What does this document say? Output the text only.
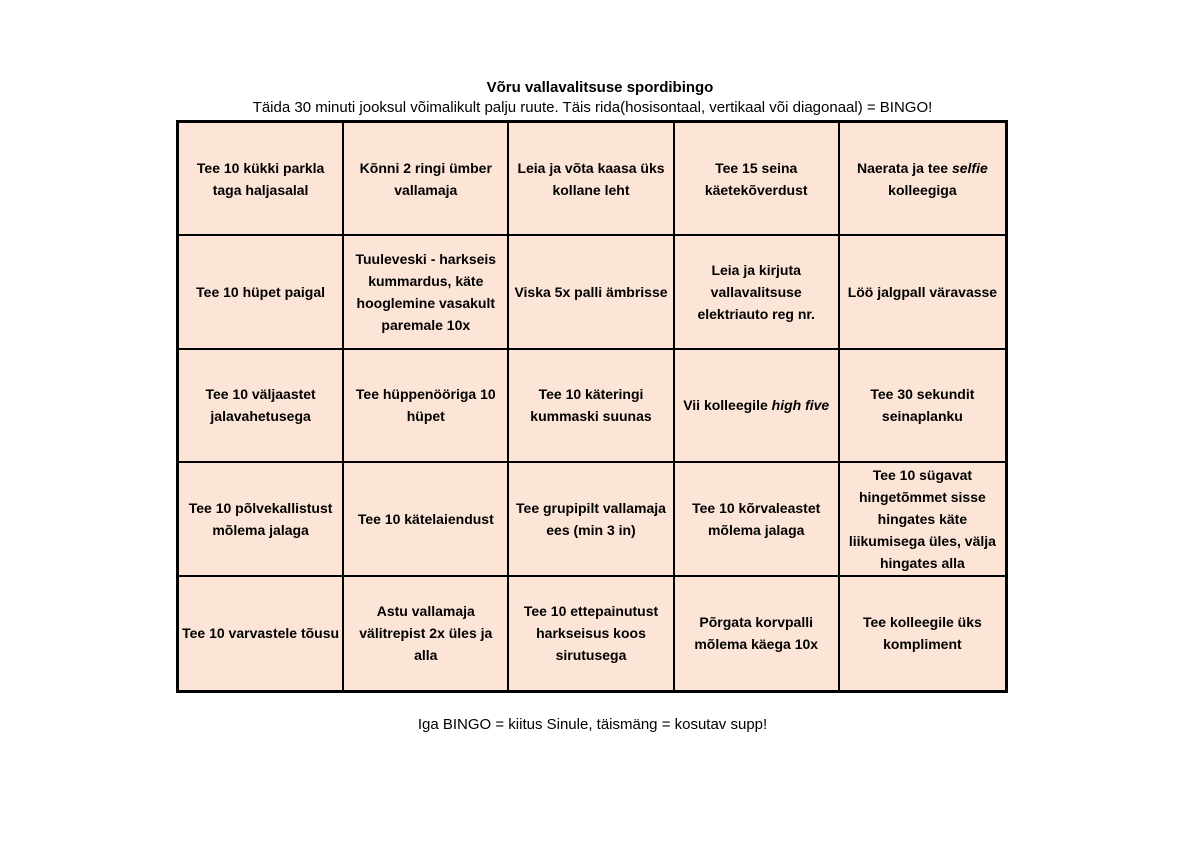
Võru vallavalitsuse spordibingo
Täida 30 minuti jooksul võimalikult palju ruute. Täis rida(hosisontaal, vertikaal või diagonaal) = BINGO!
Tee 10 kükki parkla taga haljasalal
Kõnni 2 ringi ümber vallamaja
Leia ja võta kaasa üks kollane leht
Tee 15 seina käetekõverdust
Naerata ja tee selfie kolleegiga
Tee 10 hüpet paigal
Tuuleveski - harkseis kummardus, käte hooglemine vasakult paremale 10x
Viska 5x palli ämbrisse
Leia ja kirjuta vallavalitsuse elektriauto reg nr.
Löö jalgpall väravasse
Tee 10 väljaastet jalavahetusega
Tee hüppenööriga 10 hüpet
Tee 10 käteringi kummaski suunas
Vii kolleegile high five
Tee 30 sekundit seinaplanku
Tee 10 põlvekallistust mõlema jalaga
Tee 10 kätelaiendust
Tee grupipilt vallamaja ees (min 3 in)
Tee 10 kõrvaleastet mõlema jalaga
Tee 10 sügavat hingetõmmet sisse hingates käte liikumisega üles, välja hingates alla
Tee 10 varvastele tõusu
Astu vallamaja välitrepist 2x üles ja alla
Tee 10 ettepainutust harkseisus koos sirutusega
Põrgata korvpalli mõlema käega 10x
Tee kolleegile üks kompliment
Iga BINGO = kiitus Sinule, täismäng = kosutav supp!
